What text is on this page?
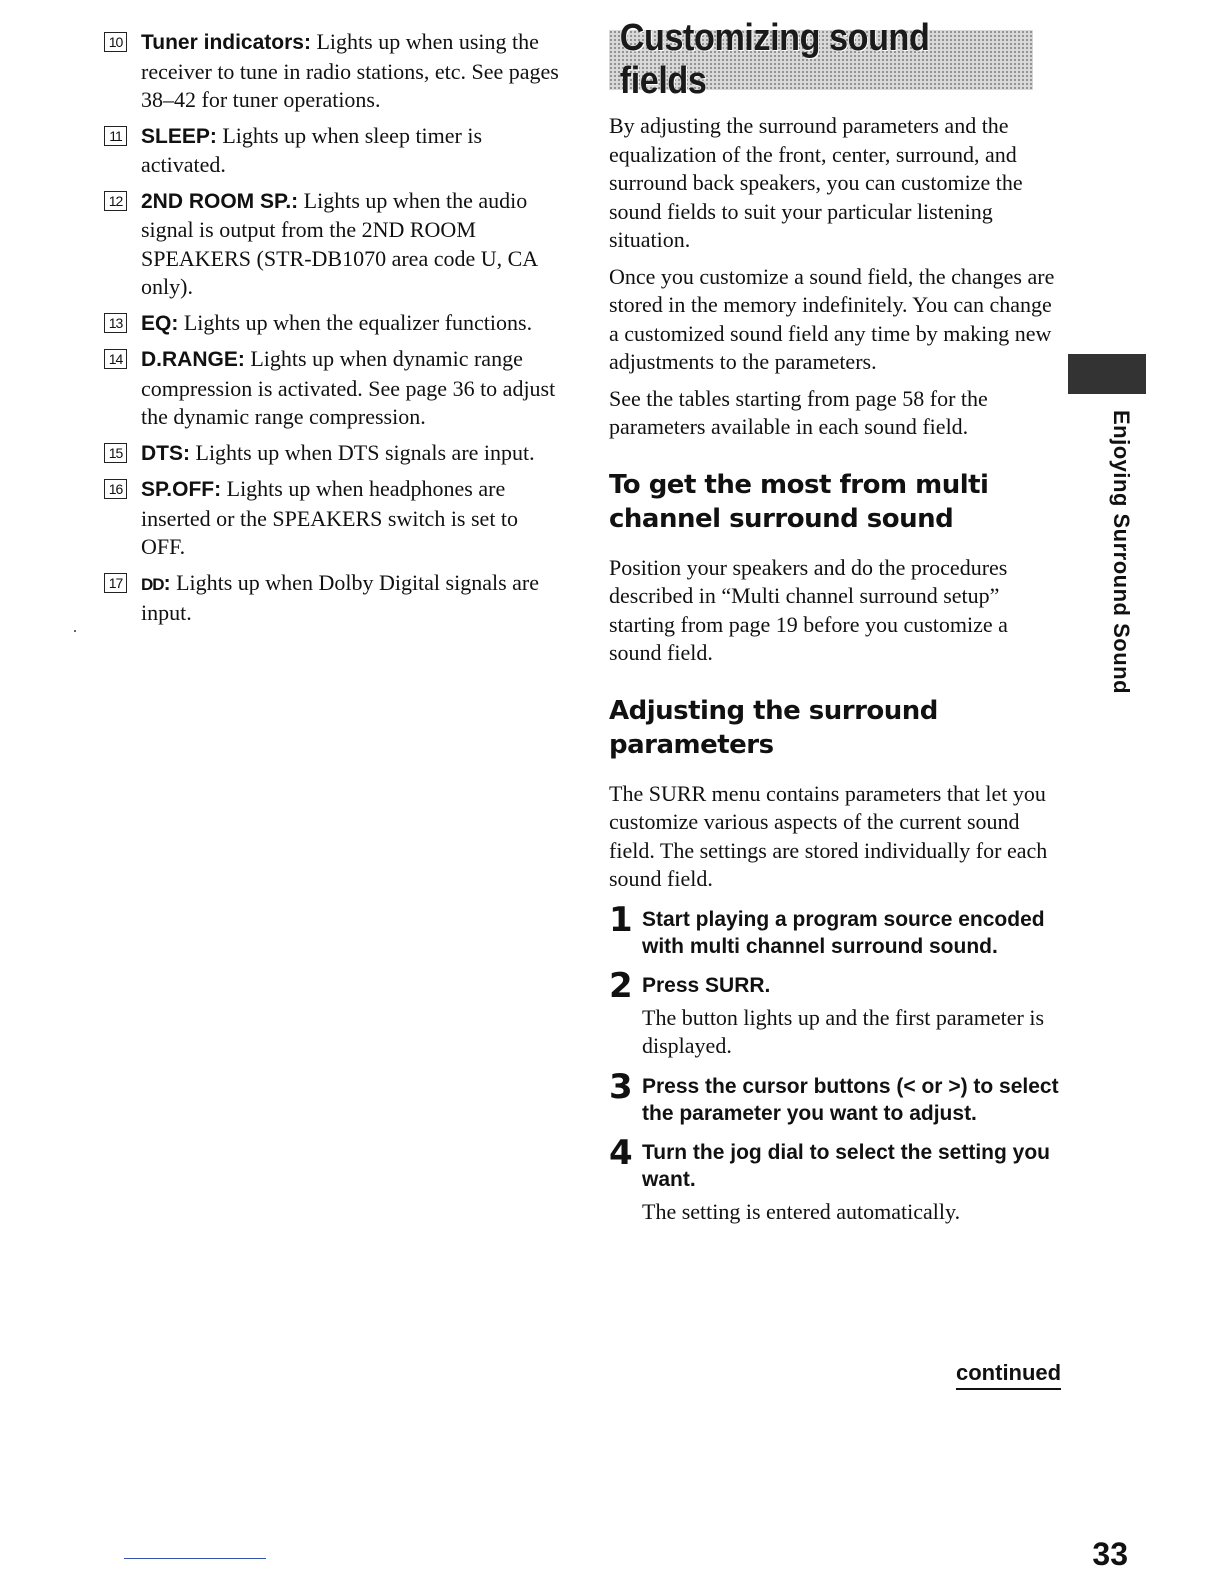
10 Tuner indicators: Lights up when using the receiver to tune in radio stations, etc. See pages 38–42 for tuner operations.
11 SLEEP: Lights up when sleep timer is activated.
12 2ND ROOM SP.: Lights up when the audio signal is output from the 2ND ROOM SPEAKERS (STR-DB1070 area code U, CA only).
13 EQ: Lights up when the equalizer functions.
14 D.RANGE: Lights up when dynamic range compression is activated. See page 36 to adjust the dynamic range compression.
15 DTS: Lights up when DTS signals are input.
16 SP.OFF: Lights up when headphones are inserted or the SPEAKERS switch is set to OFF.
17 DD: Lights up when Dolby Digital signals are input.
Customizing sound fields

By adjusting the surround parameters and the equalization of the front, center, surround, and surround back speakers, you can customize the sound fields to suit your particular listening situation.

Once you customize a sound field, the changes are stored in the memory indefinitely. You can change a customized sound field any time by making new adjustments to the parameters.

See the tables starting from page 58 for the parameters available in each sound field.

To get the most from multi channel surround sound

Position your speakers and do the procedures described in “Multi channel surround setup” starting from page 19 before you customize a sound field.

Adjusting the surround parameters

The SURR menu contains parameters that let you customize various aspects of the current sound field. The settings are stored individually for each sound field.

1 Start playing a program source encoded with multi channel surround sound.
2 Press SURR.
The button lights up and the first parameter is displayed.
3 Press the cursor buttons (< or >) to select the parameter you want to adjust.
4 Turn the jog dial to select the setting you want.
The setting is entered automatically.
continued
Enjoying Surround Sound
33
